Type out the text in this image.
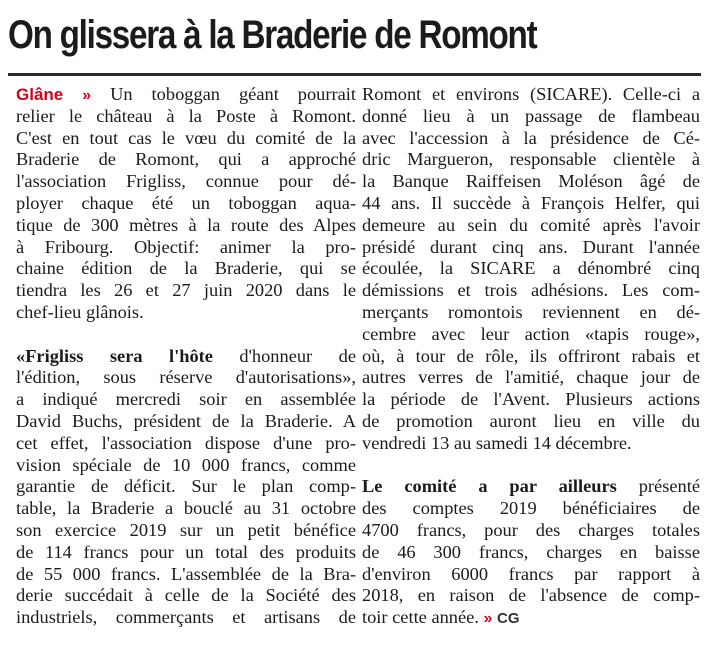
On glissera à la Braderie de Romont
Glâne » Un toboggan géant pourrait
relier le château à la Poste à Romont.
C'est en tout cas le vœu du comité de la
Braderie de Romont, qui a approché
l'association Frigliss, connue pour dé-
ployer chaque été un toboggan aqua-
tique de 300 mètres à la route des Alpes
à Fribourg. Objectif: animer la pro-
chaine édition de la Braderie, qui se
tiendra les 26 et 27 juin 2020 dans le
chef-lieu glânois.
«Frigliss sera l'hôte d'honneur de
l'édition, sous réserve d'autorisations»,
a indiqué mercredi soir en assemblée
David Buchs, président de la Braderie. A
cet effet, l'association dispose d'une pro-
vision spéciale de 10 000 francs, comme
garantie de déficit. Sur le plan comp-
table, la Braderie a bouclé au 31 octobre
son exercice 2019 sur un petit bénéfice
de 114 francs pour un total des produits
de 55 000 francs. L'assemblée de la Bra-
derie succédait à celle de la Société des
industriels, commerçants et artisans de
Romont et environs (SICARE). Celle-ci a
donné lieu à un passage de flambeau
avec l'accession à la présidence de Cé-
dric Margueron, responsable clientèle à
la Banque Raiffeisen Moléson âgé de
44 ans. Il succède à François Helfer, qui
demeure au sein du comité après l'avoir
présidé durant cinq ans. Durant l'année
écoulée, la SICARE a dénombré cinq
démissions et trois adhésions. Les com-
merçants romontois reviennent en dé-
cembre avec leur action «tapis rouge»,
où, à tour de rôle, ils offriront rabais et
autres verres de l'amitié, chaque jour de
la période de l'Avent. Plusieurs actions
de promotion auront lieu en ville du
vendredi 13 au samedi 14 décembre.
Le comité a par ailleurs présenté
des comptes 2019 bénéficiaires de
4700 francs, pour des charges totales
de 46 300 francs, charges en baisse
d'environ 6000 francs par rapport à
2018, en raison de l'absence de comp-
toir cette année. » CG
